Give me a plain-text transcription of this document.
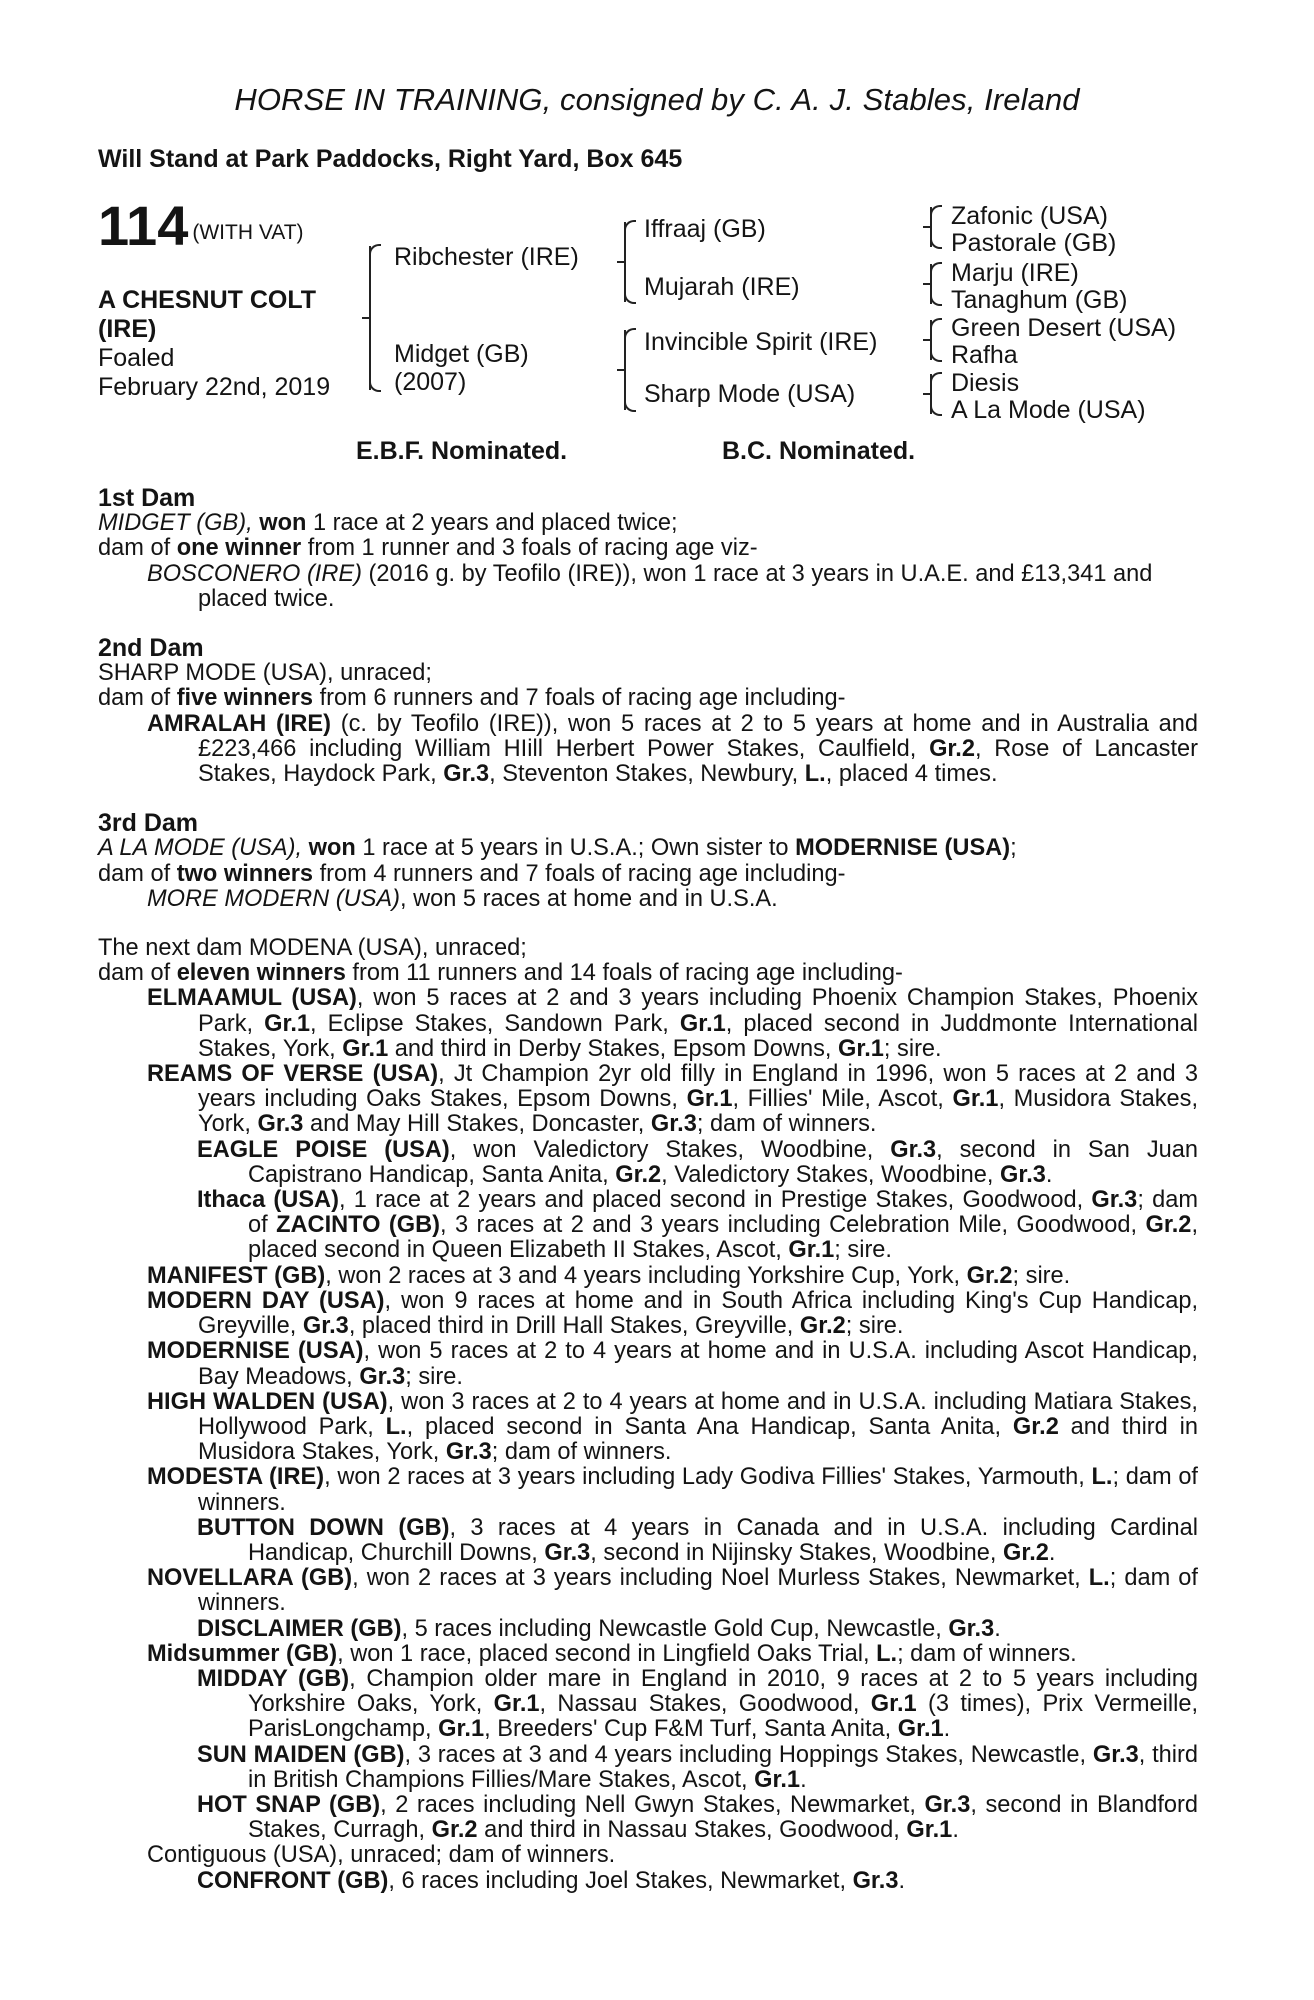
HORSE IN TRAINING, consigned by C. A. J. Stables, Ireland
Will Stand at Park Paddocks, Right Yard, Box 645
114 (WITH VAT)
A CHESNUT COLT
(IRE)
Foaled
February 22nd, 2019
Ribchester (IRE)
Midget (GB)
(2007)
Iffraaj (GB)
Mujarah (IRE)
Invincible Spirit (IRE)
Sharp Mode (USA)
Zafonic (USA)
Pastorale (GB)
Marju (IRE)
Tanaghum (GB)
Green Desert (USA)
Rafha
Diesis
A La Mode (USA)
E.B.F. Nominated.	B.C. Nominated.

1st Dam

MIDGET (GB), won 1 race at 2 years and placed twice;

dam of one winner from 1 runner and 3 foals of racing age viz-

BOSCONERO (IRE) (2016 g. by Teofilo (IRE)), won 1 race at 3 years in U.A.E. and £13,341 and placed twice.

2nd Dam

SHARP MODE (USA), unraced;

dam of five winners from 6 runners and 7 foals of racing age including-

AMRALAH (IRE) (c. by Teofilo (IRE)), won 5 races at 2 to 5 years at home and in Australia and £223,466 including William HIill Herbert Power Stakes, Caulfield, Gr.2, Rose of Lancaster Stakes, Haydock Park, Gr.3, Steventon Stakes, Newbury, L., placed 4 times.

3rd Dam

A LA MODE (USA), won 1 race at 5 years in U.S.A.; Own sister to MODERNISE (USA);

dam of two winners from 4 runners and 7 foals of racing age including-

MORE MODERN (USA), won 5 races at home and in U.S.A.

The next dam MODENA (USA), unraced;

dam of eleven winners from 11 runners and 14 foals of racing age including-

ELMAAMUL (USA), won 5 races at 2 and 3 years including Phoenix Champion Stakes, Phoenix Park, Gr.1, Eclipse Stakes, Sandown Park, Gr.1, placed second in Juddmonte International Stakes, York, Gr.1 and third in Derby Stakes, Epsom Downs, Gr.1; sire.

REAMS OF VERSE (USA), Jt Champion 2yr old filly in England in 1996, won 5 races at 2 and 3 years including Oaks Stakes, Epsom Downs, Gr.1, Fillies' Mile, Ascot, Gr.1, Musidora Stakes, York, Gr.3 and May Hill Stakes, Doncaster, Gr.3; dam of winners.

EAGLE POISE (USA), won Valedictory Stakes, Woodbine, Gr.3, second in San Juan Capistrano Handicap, Santa Anita, Gr.2, Valedictory Stakes, Woodbine, Gr.3.

Ithaca (USA), 1 race at 2 years and placed second in Prestige Stakes, Goodwood, Gr.3; dam of ZACINTO (GB), 3 races at 2 and 3 years including Celebration Mile, Goodwood, Gr.2, placed second in Queen Elizabeth II Stakes, Ascot, Gr.1; sire.

MANIFEST (GB), won 2 races at 3 and 4 years including Yorkshire Cup, York, Gr.2; sire.

MODERN DAY (USA), won 9 races at home and in South Africa including King's Cup Handicap, Greyville, Gr.3, placed third in Drill Hall Stakes, Greyville, Gr.2; sire.

MODERNISE (USA), won 5 races at 2 to 4 years at home and in U.S.A. including Ascot Handicap, Bay Meadows, Gr.3; sire.

HIGH WALDEN (USA), won 3 races at 2 to 4 years at home and in U.S.A. including Matiara Stakes, Hollywood Park, L., placed second in Santa Ana Handicap, Santa Anita, Gr.2 and third in Musidora Stakes, York, Gr.3; dam of winners.

MODESTA (IRE), won 2 races at 3 years including Lady Godiva Fillies' Stakes, Yarmouth, L.; dam of winners.

BUTTON DOWN (GB), 3 races at 4 years in Canada and in U.S.A. including Cardinal Handicap, Churchill Downs, Gr.3, second in Nijinsky Stakes, Woodbine, Gr.2.

NOVELLARA (GB), won 2 races at 3 years including Noel Murless Stakes, Newmarket, L.; dam of winners.

DISCLAIMER (GB), 5 races including Newcastle Gold Cup, Newcastle, Gr.3.

Midsummer (GB), won 1 race, placed second in Lingfield Oaks Trial, L.; dam of winners.

MIDDAY (GB), Champion older mare in England in 2010, 9 races at 2 to 5 years including Yorkshire Oaks, York, Gr.1, Nassau Stakes, Goodwood, Gr.1 (3 times), Prix Vermeille, ParisLongchamp, Gr.1, Breeders' Cup F&M Turf, Santa Anita, Gr.1.

SUN MAIDEN (GB), 3 races at 3 and 4 years including Hoppings Stakes, Newcastle, Gr.3, third in British Champions Fillies/Mare Stakes, Ascot, Gr.1.

HOT SNAP (GB), 2 races including Nell Gwyn Stakes, Newmarket, Gr.3, second in Blandford Stakes, Curragh, Gr.2 and third in Nassau Stakes, Goodwood, Gr.1.

Contiguous (USA), unraced; dam of winners.

CONFRONT (GB), 6 races including Joel Stakes, Newmarket, Gr.3.
